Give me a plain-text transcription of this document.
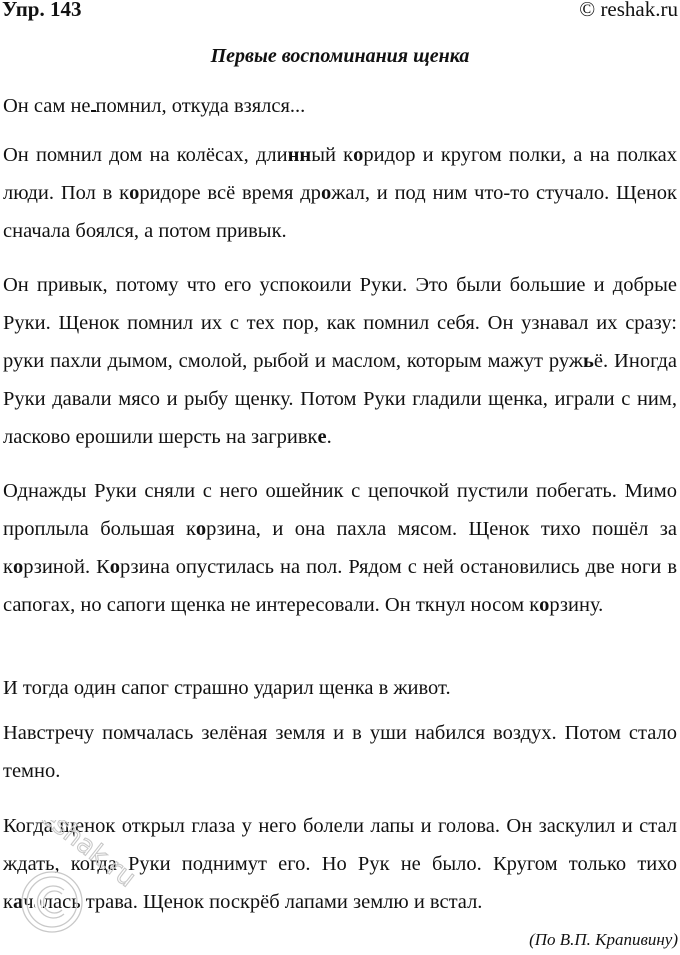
Упр. 143	© reshak.ru
Первые воспоминания щенка
Он сам не помнил, откуда взялся...
Он помнил дом на колёсах, длинный коридор и кругом полки, а на полках люди. Пол в коридоре всё время дрожал, и под ним что-то стучало. Щенок сначала боялся, а потом привык.
Он привык, потому что его успокоили Руки. Это были большие и добрые Руки. Щенок помнил их с тех пор, как помнил себя. Он узнавал их сразу: руки пахли дымом, смолой, рыбой и маслом, которым мажут ружьё. Иногда Руки давали мясо и рыбу щенку. Потом Руки гладили щенка, играли с ним, ласково ерошили шерсть на загривке.
Однажды Руки сняли с него ошейник с цепочкой пустили побегать. Мимо проплыла большая корзина, и она пахла мясом. Щенок тихо пошёл за корзиной. Корзина опустилась на пол. Рядом с ней остановились две ноги в сапогах, но сапоги щенка не интересовали. Он ткнул носом корзину.
И тогда один сапог страшно ударил щенка в живот.
Навстречу помчалась зелёная земля и в уши набился воздух. Потом стало темно.
Когда щенок открыл глаза у него болели лапы и голова. Он заскулил и стал ждать, когда Руки поднимут его. Но Рук не было. Кругом только тихо качалась трава. Щенок поскрёб лапами землю и встал.
(По В.П. Крапивину)
reshak.ru
